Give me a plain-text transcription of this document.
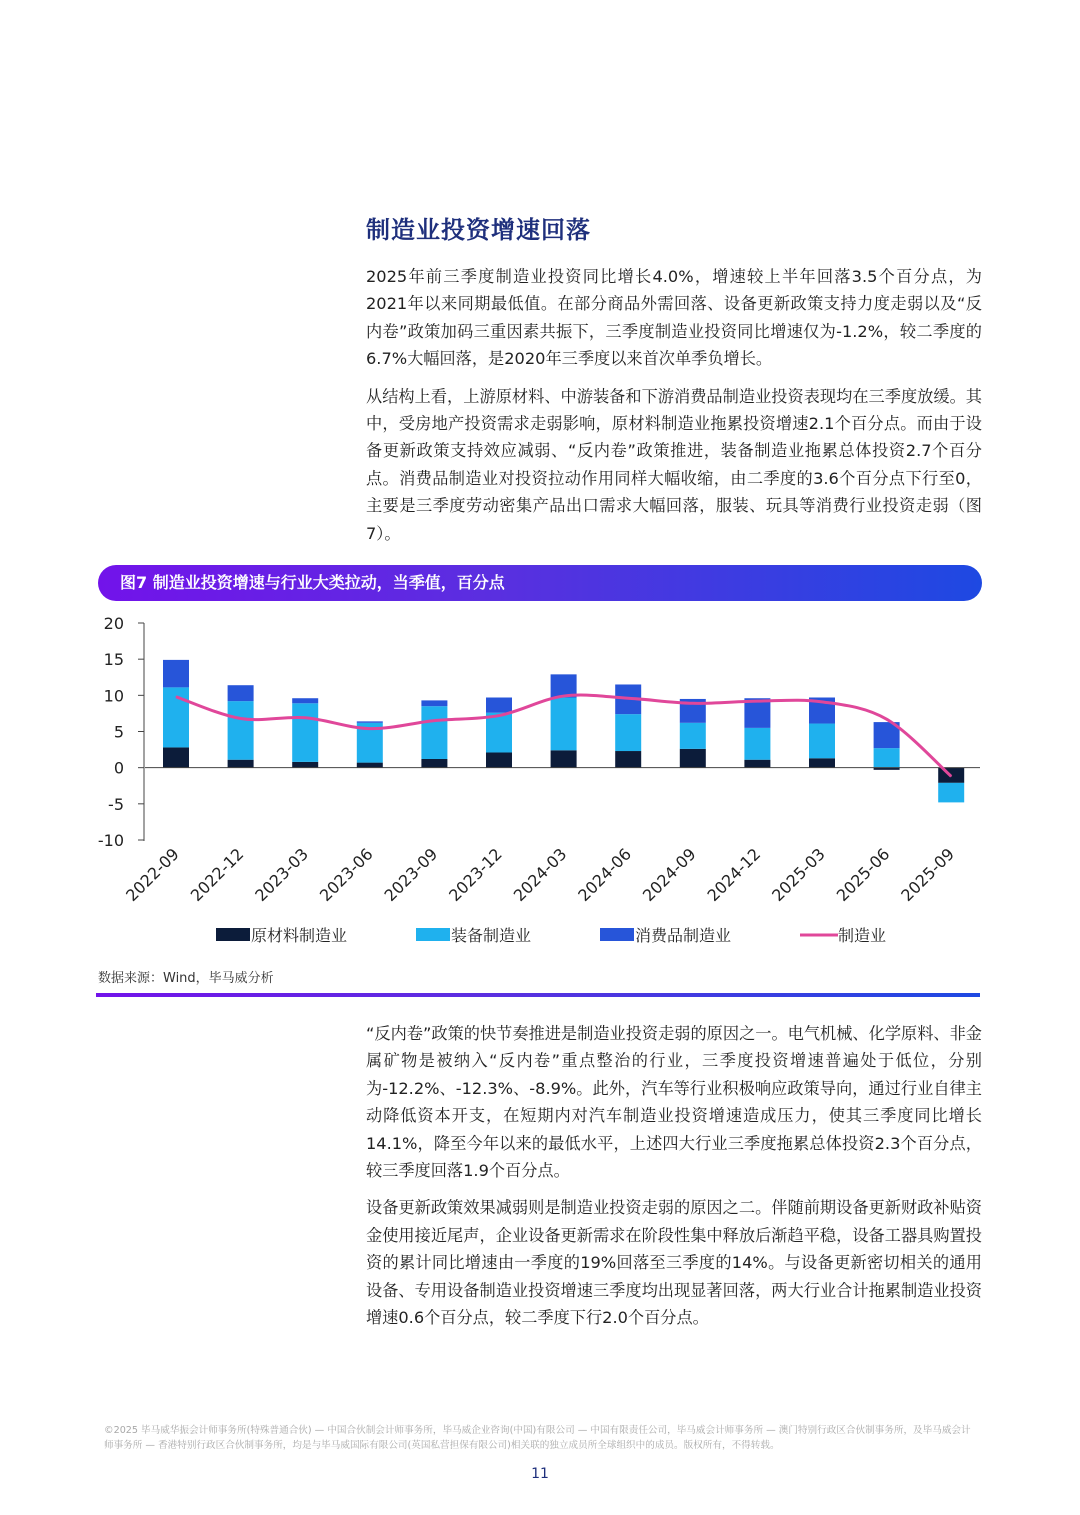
制造业投资增速回落

2025年前三季度制造业投资同比增长4.0%，增速较上半年回落3.5个百分点，为2021年以来同期最低值。在部分商品外需回落、设备更新政策支持力度走弱以及“反内卷”政策加码三重因素共振下，三季度制造业投资同比增速仅为-1.2%，较二季度的6.7%大幅回落，是2020年三季度以来首次单季负增长。

从结构上看，上游原材料、中游装备和下游消费品制造业投资表现均在三季度放缓。其中，受房地产投资需求走弱影响，原材料制造业拖累投资增速2.1个百分点。而由于设备更新政策支持效应减弱、“反内卷”政策推进，装备制造业拖累总体投资2.7个百分点。消费品制造业对投资拉动作用同样大幅收缩，由二季度的3.6个百分点下行至0，主要是三季度劳动密集产品出口需求大幅回落，服装、玩具等消费行业投资走弱（图7）。

图7 制造业投资增速与行业大类拉动，当季值，百分点
20
15
10
5
0
-5
-10
2022-09 2022-12 2023-03 2023-06 2023-09 2023-12 2024-03 2024-06 2024-09 2024-12 2025-03 2025-06 2025-09
原材料制造业	装备制造业	消费品制造业	制造业
数据来源：Wind，毕马威分析

“反内卷”政策的快节奏推进是制造业投资走弱的原因之一。电气机械、化学原料、非金属矿物是被纳入“反内卷”重点整治的行业，三季度投资增速普遍处于低位，分别为-12.2%、-12.3%、-8.9%。此外，汽车等行业积极响应政策导向，通过行业自律主动降低资本开支，在短期内对汽车制造业投资增速造成压力，使其三季度同比增长14.1%，降至今年以来的最低水平，上述四大行业三季度拖累总体投资2.3个百分点，较三季度回落1.9个百分点。

设备更新政策效果减弱则是制造业投资走弱的原因之二。伴随前期设备更新财政补贴资金使用接近尾声，企业设备更新需求在阶段性集中释放后渐趋平稳，设备工器具购置投资的累计同比增速由一季度的19%回落至三季度的14%。与设备更新密切相关的通用设备、专用设备制造业投资增速三季度均出现显著回落，两大行业合计拖累制造业投资增速0.6个百分点，较二季度下行2.0个百分点。

©2025 毕马威华振会计师事务所(特殊普通合伙) — 中国合伙制会计师事务所，毕马威企业咨询(中国)有限公司 — 中国有限责任公司，毕马威会计师事务所 — 澳门特别行政区合伙制事务所，及毕马威会计师事务所 — 香港特别行政区合伙制事务所，均是与毕马威国际有限公司(英国私营担保有限公司)相关联的独立成员所全球组织中的成员。版权所有，不得转载。
11
